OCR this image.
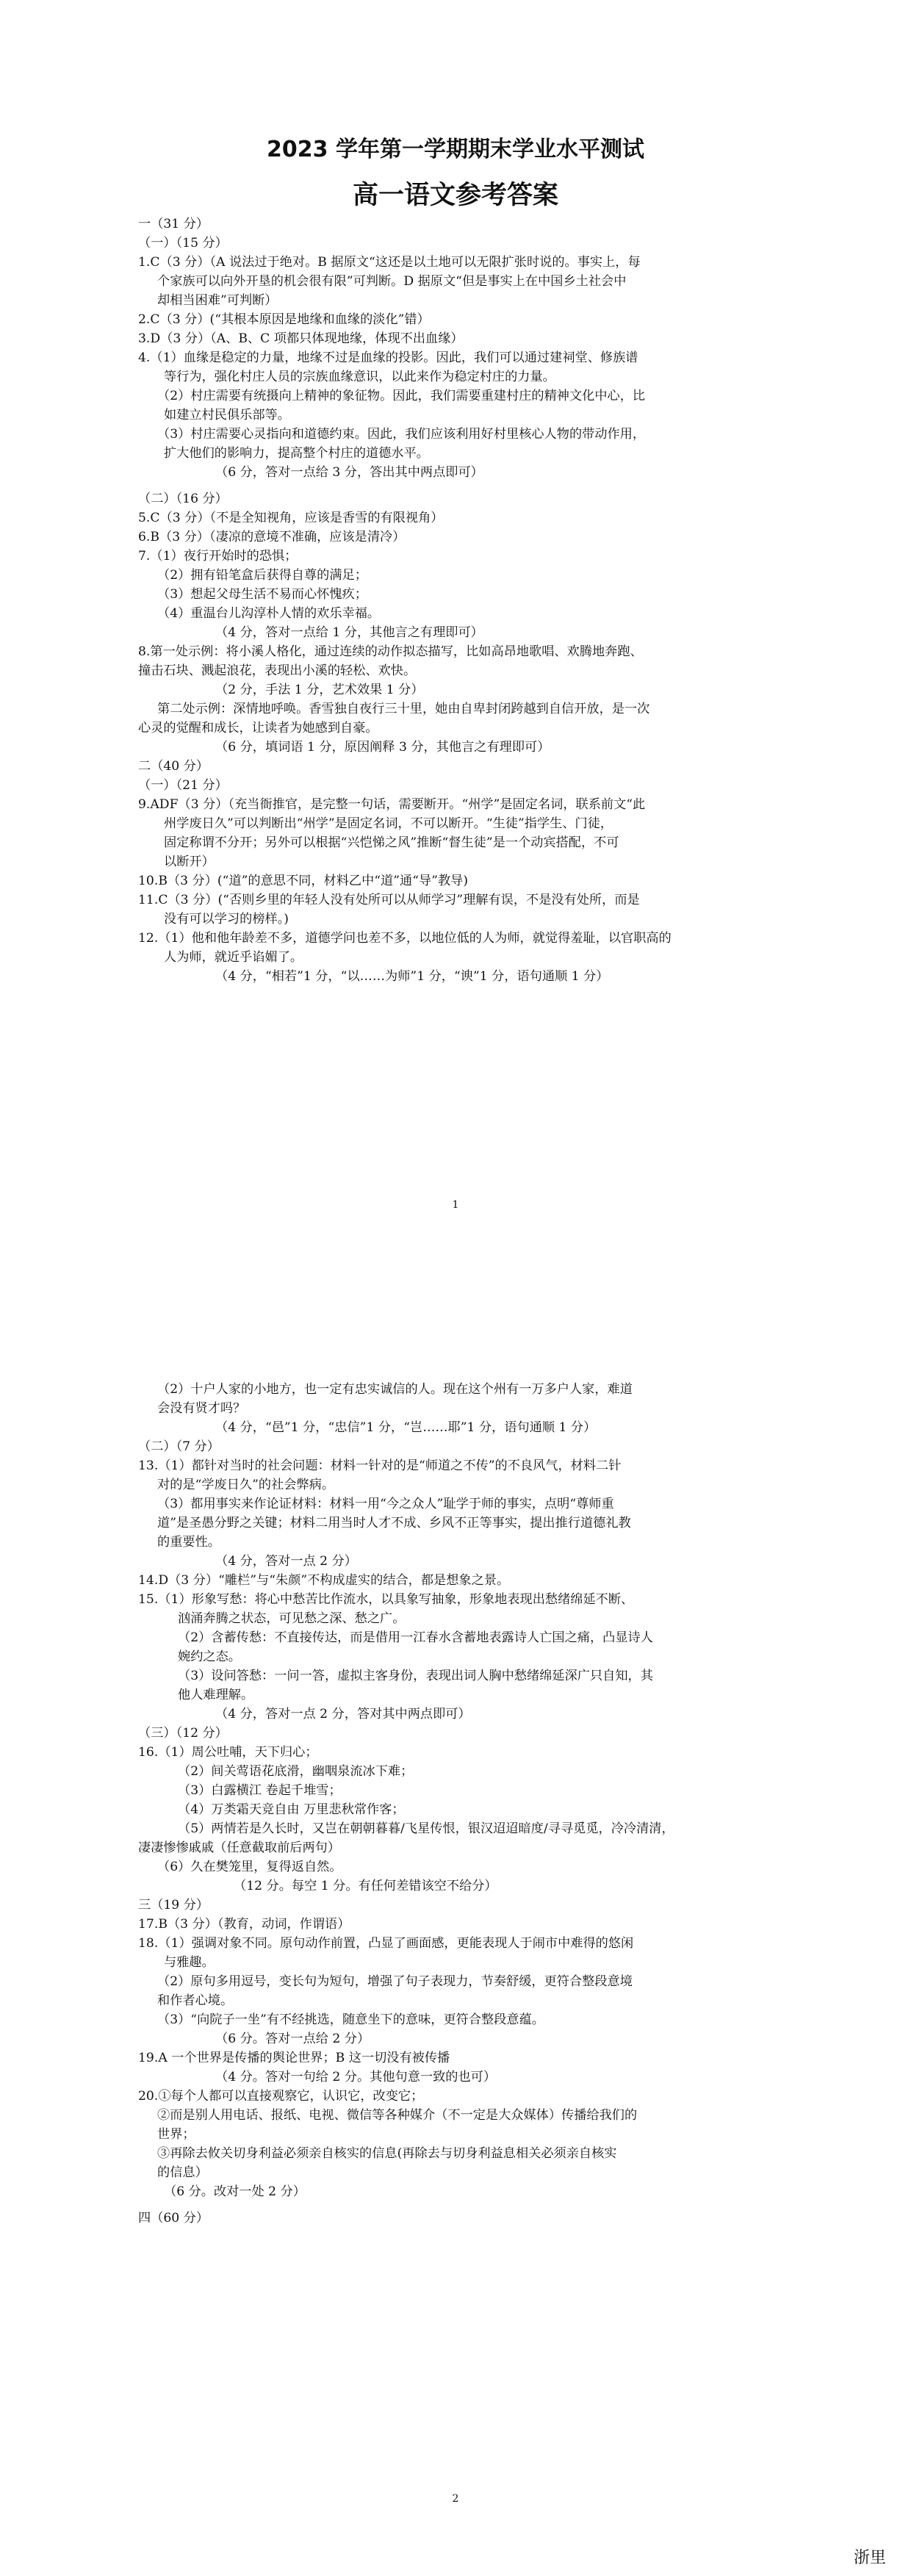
2023 学年第一学期期末学业水平测试
高一语文参考答案
一（31 分）
（一）（15 分）
1.C（3 分）（A 说法过于绝对。B 据原文“这还是以土地可以无限扩张时说的。事实上，每
个家族可以向外开垦的机会很有限”可判断。D 据原文“但是事实上在中国乡土社会中
却相当困难”可判断）
2.C（3 分）(“其根本原因是地缘和血缘的淡化”错）
3.D（3 分）（A、B、C 项都只体现地缘，体现不出血缘）
4.（1）血缘是稳定的力量，地缘不过是血缘的投影。因此，我们可以通过建祠堂、修族谱
等行为，强化村庄人员的宗族血缘意识，以此来作为稳定村庄的力量。
（2）村庄需要有统摄向上精神的象征物。因此，我们需要重建村庄的精神文化中心，比
如建立村民俱乐部等。
（3）村庄需要心灵指向和道德约束。因此，我们应该利用好村里核心人物的带动作用，
扩大他们的影响力，提高整个村庄的道德水平。
（6 分，答对一点给 3 分，答出其中两点即可）
（二）（16 分）
5.C（3 分）（不是全知视角，应该是香雪的有限视角）
6.B（3 分）（凄凉的意境不准确，应该是清冷）
7.（1）夜行开始时的恐惧；
（2）拥有铅笔盒后获得自尊的满足；
（3）想起父母生活不易而心怀愧疚；
（4）重温台儿沟淳朴人情的欢乐幸福。
（4 分，答对一点给 1 分，其他言之有理即可）
8.第一处示例：将小溪人格化，通过连续的动作拟态描写，比如高昂地歌唱、欢腾地奔跑、
撞击石块、溅起浪花，表现出小溪的轻松、欢快。
（2 分，手法 1 分，艺术效果 1 分）
第二处示例：深情地呼唤。香雪独自夜行三十里，她由自卑封闭跨越到自信开放，是一次
心灵的觉醒和成长，让读者为她感到自豪。
（6 分，填词语 1 分，原因阐释 3 分，其他言之有理即可）
二（40 分）
（一）（21 分）
9.ADF（3 分）（充当衙推官，是完整一句话，需要断开。“州学”是固定名词，联系前文“此
州学废日久”可以判断出“州学”是固定名词，不可以断开。“生徒”指学生、门徒，
固定称谓不分开；另外可以根据“兴恺悌之风”推断“督生徒”是一个动宾搭配，不可
以断开）
10.B（3 分）(“道”的意思不同，材料乙中“道”通“导”教导)
11.C（3 分）(“否则乡里的年轻人没有处所可以从师学习”理解有误，不是没有处所，而是
没有可以学习的榜样。)
12.（1）他和他年龄差不多，道德学问也差不多，以地位低的人为师，就觉得羞耻，以官职高的
人为师，就近乎谄媚了。
（4 分，“相若”1 分，“以……为师”1 分，“谀”1 分，语句通顺 1 分）
1
（2）十户人家的小地方，也一定有忠实诚信的人。现在这个州有一万多户人家，难道
会没有贤才吗？
（4 分，“邑”1 分，“忠信”1 分，“岂……耶”1 分，语句通顺 1 分）
（二）（7 分）
13.（1）都针对当时的社会问题：材料一针对的是“师道之不传”的不良风气，材料二针
对的是“学废日久”的社会弊病。
（3）都用事实来作论证材料：材料一用“今之众人”耻学于师的事实，点明“尊师重
道”是圣愚分野之关键；材料二用当时人才不成、乡风不正等事实，提出推行道德礼教
的重要性。
（4 分，答对一点 2 分）
14.D（3 分）“雕栏”与“朱颜”不构成虚实的结合，都是想象之景。
15.（1）形象写愁：将心中愁苦比作流水，以具象写抽象，形象地表现出愁绪绵延不断、
汹涌奔腾之状态，可见愁之深、愁之广。
（2）含蓄传愁：不直接传达，而是借用一江春水含蓄地表露诗人亡国之痛，凸显诗人
婉约之态。
（3）设问答愁：一问一答，虚拟主客身份，表现出词人胸中愁绪绵延深广只自知，其
他人难理解。
（4 分，答对一点 2 分，答对其中两点即可）
（三）（12 分）
16.（1）周公吐哺，天下归心；
（2）间关莺语花底滑，幽咽泉流冰下难；
（3）白露横江 卷起千堆雪；
（4）万类霜天竞自由 万里悲秋常作客；
（5）两情若是久长时，又岂在朝朝暮暮/飞星传恨，银汉迢迢暗度/寻寻觅觅，冷冷清清，
凄凄惨惨戚戚（任意截取前后两句）
（6）久在樊笼里，复得返自然。
（12 分。每空 1 分。有任何差错该空不给分）
三（19 分）
17.B（3 分）（教育，动词，作谓语）
18.（1）强调对象不同。原句动作前置，凸显了画面感，更能表现人于闹市中难得的悠闲
与雅趣。
（2）原句多用逗号，变长句为短句，增强了句子表现力，节奏舒缓，更符合整段意境
和作者心境。
（3）“向院子一坐”有不经挑选，随意坐下的意味，更符合整段意蕴。
（6 分。答对一点给 2 分）
19.A 一个世界是传播的舆论世界；B 这一切没有被传播
（4 分。答对一句给 2 分。其他句意一致的也可）
20.①每个人都可以直接观察它，认识它，改变它；
②而是别人用电话、报纸、电视、微信等各种媒介（不一定是大众媒体）传播给我们的
世界；
③再除去攸关切身利益必须亲自核实的信息(再除去与切身利益息相关必须亲自核实
的信息）
（6 分。改对一处 2 分）
四（60 分）
2
浙里
